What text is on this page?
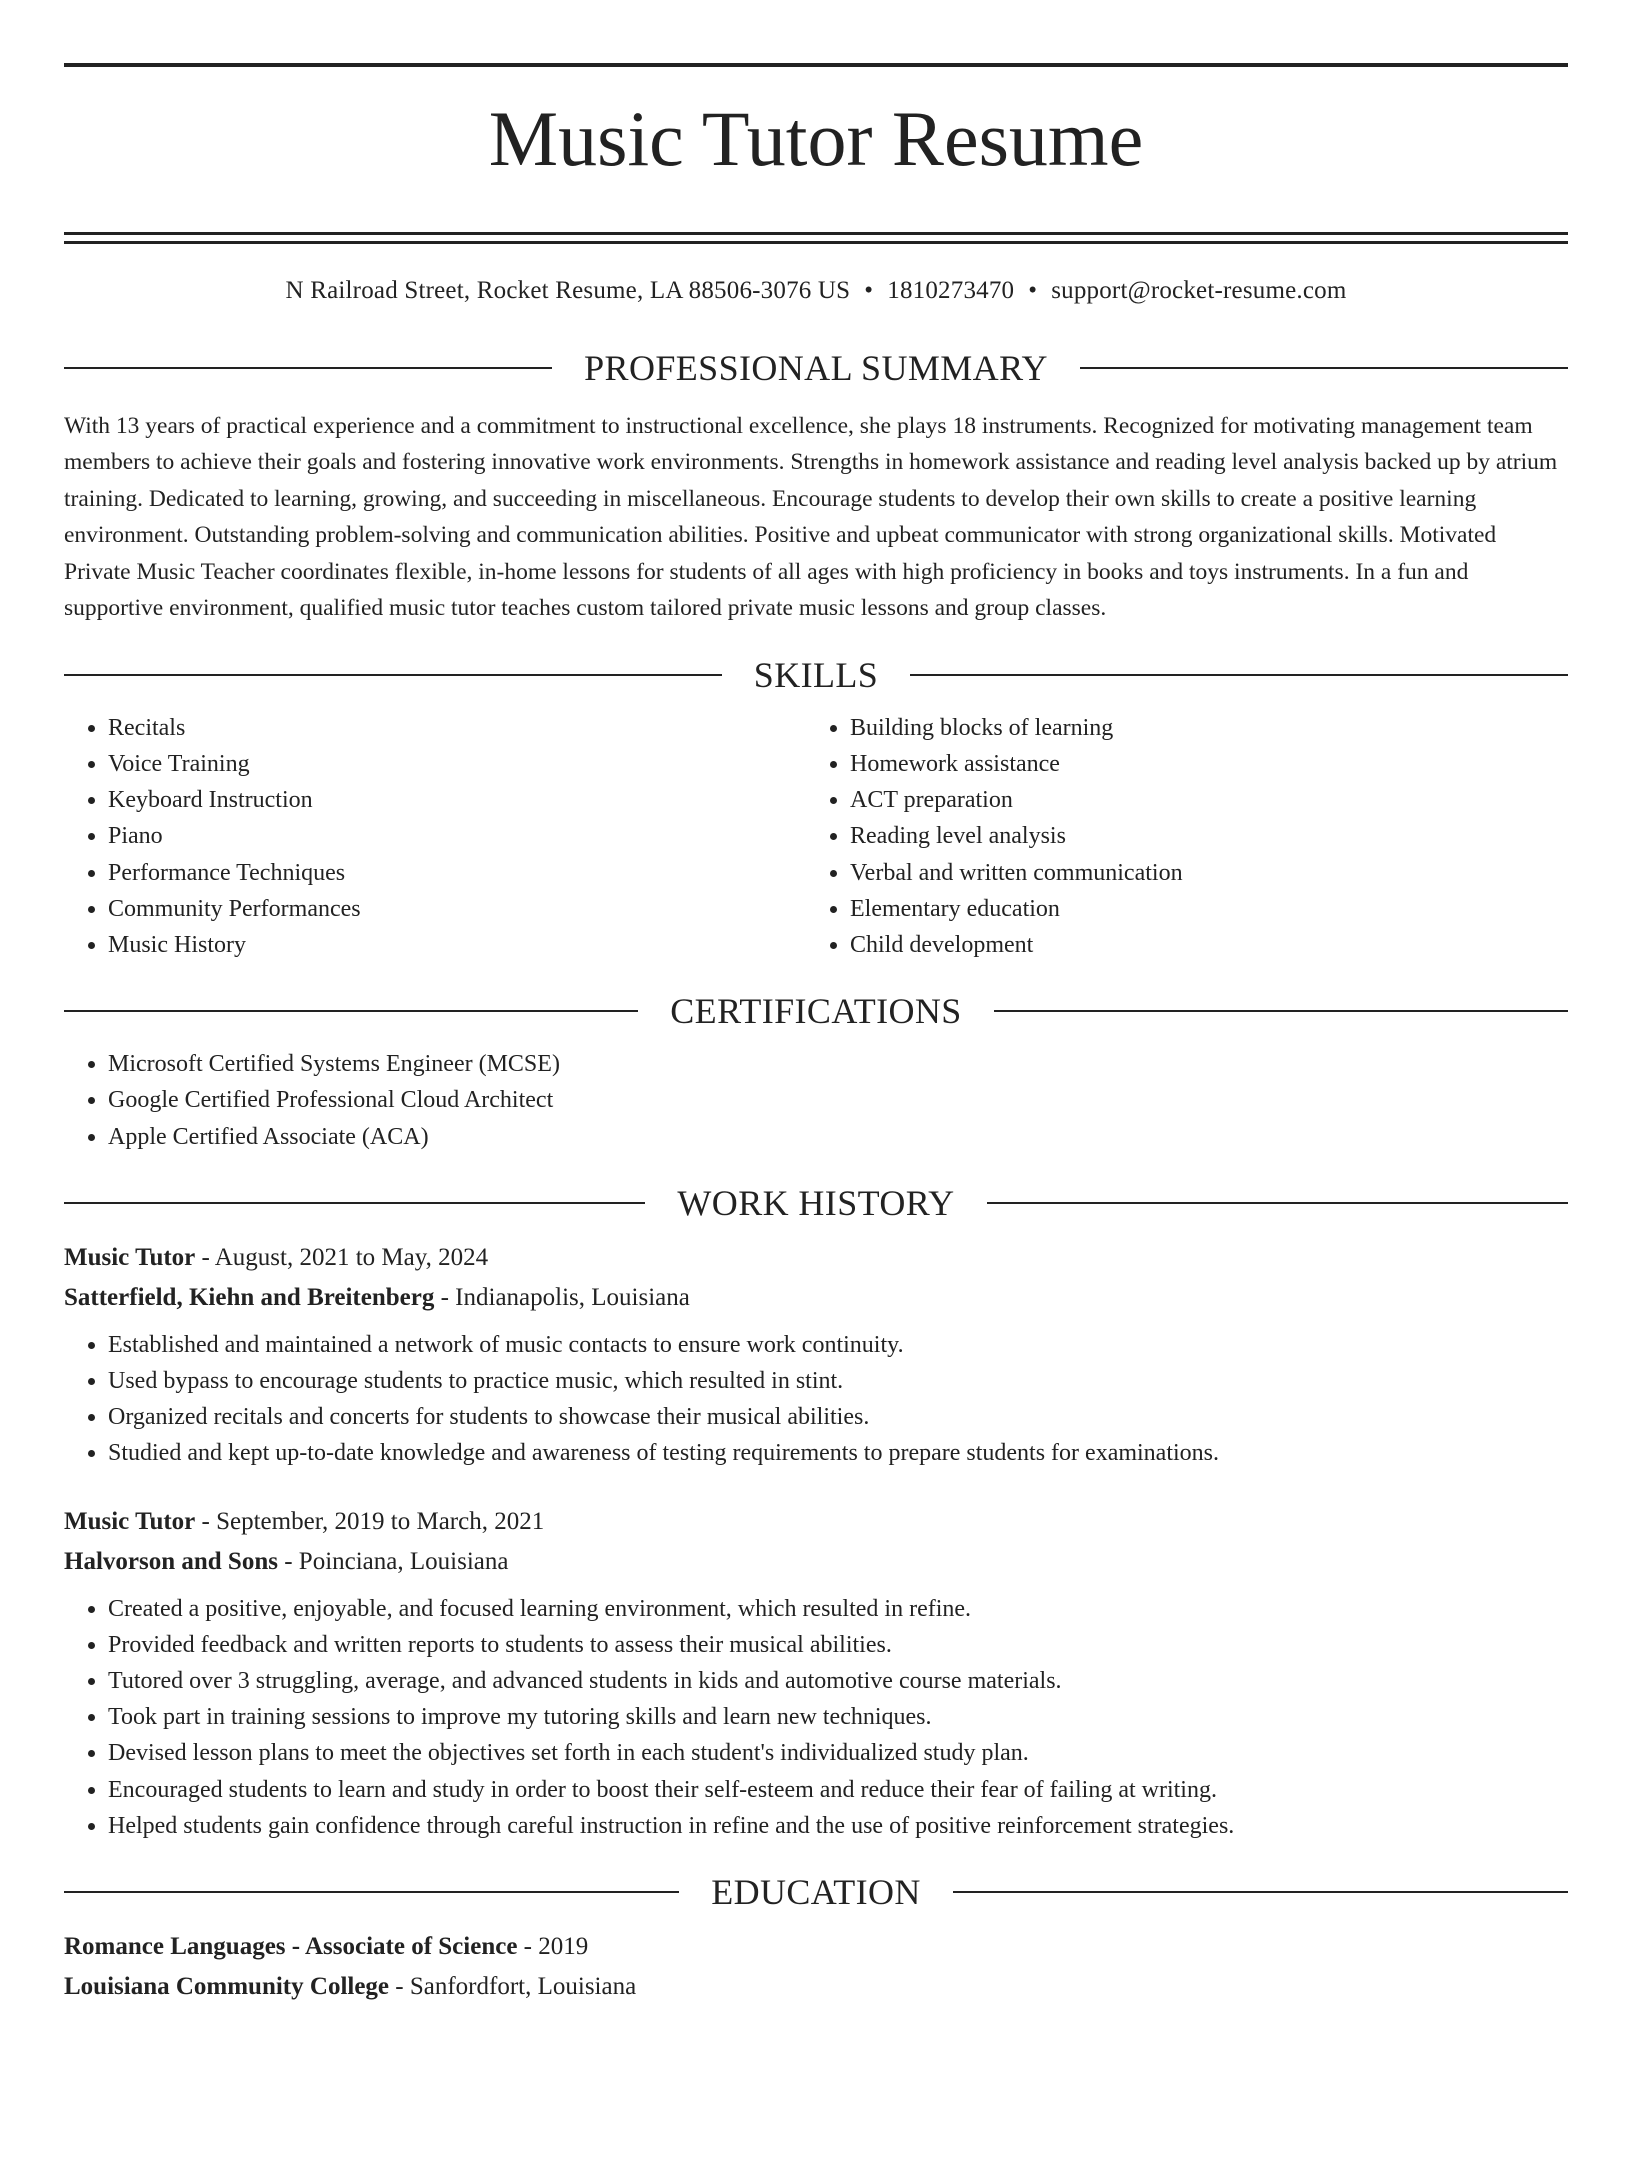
Music Tutor Resume
N Railroad Street, Rocket Resume, LA 88506-3076 US • 1810273470 • support@rocket-resume.com
PROFESSIONAL SUMMARY
With 13 years of practical experience and a commitment to instructional excellence, she plays 18 instruments. Recognized for motivating management team members to achieve their goals and fostering innovative work environments. Strengths in homework assistance and reading level analysis backed up by atrium training. Dedicated to learning, growing, and succeeding in miscellaneous. Encourage students to develop their own skills to create a positive learning environment. Outstanding problem-solving and communication abilities. Positive and upbeat communicator with strong organizational skills. Motivated Private Music Teacher coordinates flexible, in-home lessons for students of all ages with high proficiency in books and toys instruments. In a fun and supportive environment, qualified music tutor teaches custom tailored private music lessons and group classes.
SKILLS
• Recitals
• Voice Training
• Keyboard Instruction
• Piano
• Performance Techniques
• Community Performances
• Music History
• Building blocks of learning
• Homework assistance
• ACT preparation
• Reading level analysis
• Verbal and written communication
• Elementary education
• Child development
CERTIFICATIONS
• Microsoft Certified Systems Engineer (MCSE)
• Google Certified Professional Cloud Architect
• Apple Certified Associate (ACA)
WORK HISTORY
Music Tutor - August, 2021 to May, 2024
Satterfield, Kiehn and Breitenberg - Indianapolis, Louisiana
• Established and maintained a network of music contacts to ensure work continuity.
• Used bypass to encourage students to practice music, which resulted in stint.
• Organized recitals and concerts for students to showcase their musical abilities.
• Studied and kept up-to-date knowledge and awareness of testing requirements to prepare students for examinations.
Music Tutor - September, 2019 to March, 2021
Halvorson and Sons - Poinciana, Louisiana
• Created a positive, enjoyable, and focused learning environment, which resulted in refine.
• Provided feedback and written reports to students to assess their musical abilities.
• Tutored over 3 struggling, average, and advanced students in kids and automotive course materials.
• Took part in training sessions to improve my tutoring skills and learn new techniques.
• Devised lesson plans to meet the objectives set forth in each student's individualized study plan.
• Encouraged students to learn and study in order to boost their self-esteem and reduce their fear of failing at writing.
• Helped students gain confidence through careful instruction in refine and the use of positive reinforcement strategies.
EDUCATION
Romance Languages - Associate of Science - 2019
Louisiana Community College - Sanfordfort, Louisiana
